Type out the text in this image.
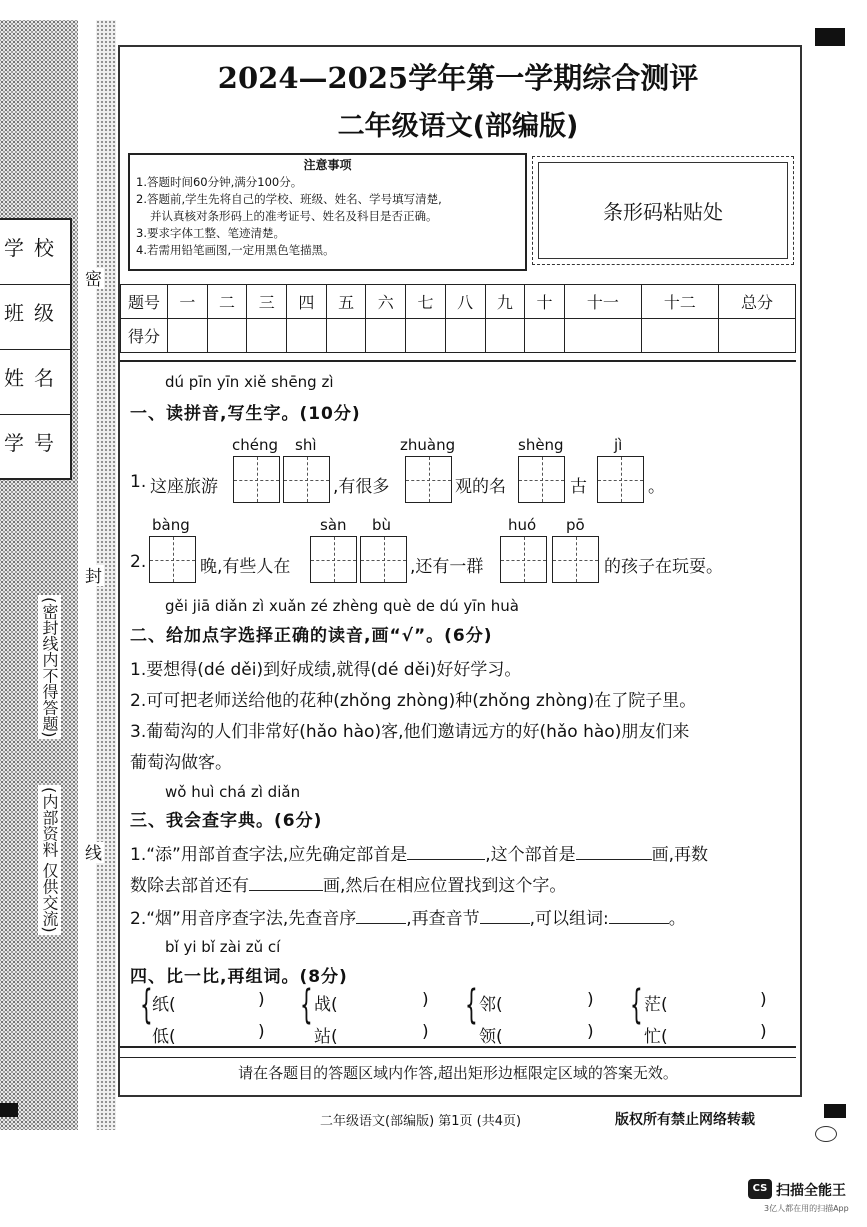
学校
班级
姓名
学号
密
封
线
(密封线内不得答题)
(内部资料 仅供交流)
2024—2025学年第一学期综合测评
二年级语文(部编版)
注意事项
1.答题时间60分钟,满分100分。
2.答题前,学生先将自己的学校、班级、姓名、学号填写清楚,
并认真核对条形码上的准考证号、姓名及科目是否正确。
3.要求字体工整、笔迹清楚。
4.若需用铅笔画图,一定用黑色笔描黑。
条形码粘贴处
题号	一	二	三	四	五	六	七	八	九	十	十一	十二	总分
得分													
dú pīn yīn xiě shēng zì
一、读拼音,写生字。(10分)
chéng shì	zhuàng	shèng	jì
1. 这座旅游	,有很多	观的名	古	。
bàng	sàn bù	huó pō
2.	晚,有些人在	,还有一群	的孩子在玩耍。
gěi jiā diǎn zì xuǎn zé zhèng què de dú yīn huà
二、给加点字选择正确的读音,画“√”。(6分)
1.要想得(dé děi)到好成绩,就得(dé děi)好好学习。
2.可可把老师送给他的花种(zhǒng zhòng)种(zhǒng zhòng)在了院子里。
3.葡萄沟的人们非常好(hǎo hào)客,他们邀请远方的好(hǎo hào)朋友们来
葡萄沟做客。
wǒ huì chá zì diǎn
三、我会查字典。(6分)
1.“添”用部首查字法,应先确定部首是	,这个部首是	画,再数
数除去部首还有	画,然后在相应位置找到这个字。
2.“烟”用音序查字法,先查音序	,再查音节	,可以组词:	。
bǐ yi bǐ zài zǔ cí
四、比一比,再组词。(8分)
{ 纸(	)
低(	)
{ 战(	)
站(	)
{ 邻(	)
领(	)
{ 茫(	)
忙(	)
请在各题目的答题区域内作答,超出矩形边框限定区域的答案无效。
二年级语文(部编版) 第1页 (共4页)	版权所有禁止网络转载
CS 扫描全能王
3亿人都在用的扫描App
